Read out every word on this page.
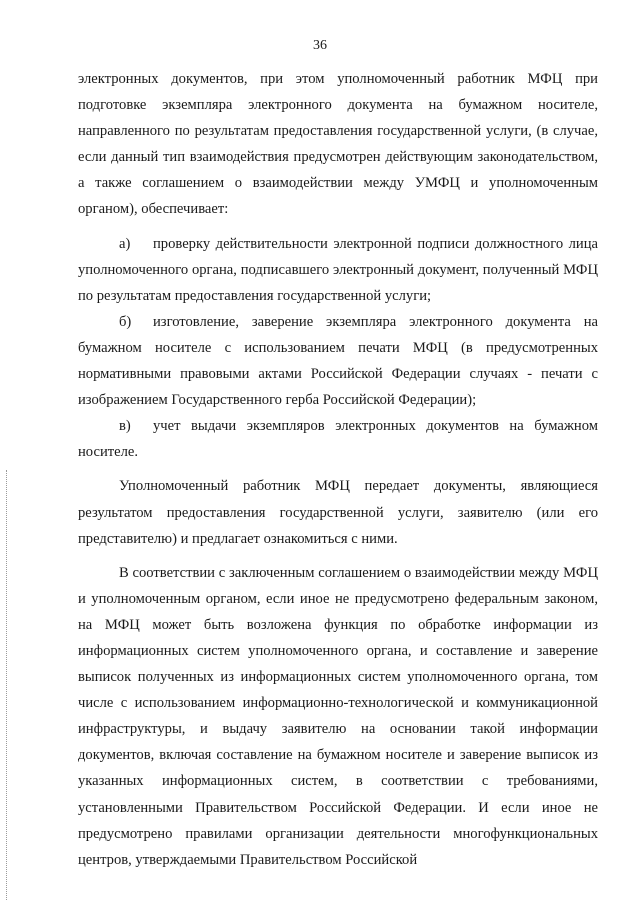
36

электронных документов, при этом уполномоченный работник МФЦ при подготовке экземпляра электронного документа на бумажном носителе, направленного по результатам предоставления государственной услуги, (в случае, если данный тип взаимодействия предусмотрен действующим законодательством, а также соглашением о взаимодействии между УМФЦ и уполномоченным органом), обеспечивает:

а) проверку действительности электронной подписи должностного лица уполномоченного органа, подписавшего электронный документ, полученный МФЦ по результатам предоставления государственной услуги;

б) изготовление, заверение экземпляра электронного документа на бумажном носителе с использованием печати МФЦ (в предусмотренных нормативными правовыми актами Российской Федерации случаях - печати с изображением Государственного герба Российской Федерации);

в) учет выдачи экземпляров электронных документов на бумажном носителе.

Уполномоченный работник МФЦ передает документы, являющиеся результатом предоставления государственной услуги, заявителю (или его представителю) и предлагает ознакомиться с ними.

В соответствии с заключенным соглашением о взаимодействии между МФЦ и уполномоченным органом, если иное не предусмотрено федеральным законом, на МФЦ может быть возложена функция по обработке информации из информационных систем уполномоченного органа, и составление и заверение выписок полученных из информационных систем уполномоченного органа, том числе с использованием информационно-технологической и коммуникационной инфраструктуры, и выдачу заявителю на основании такой информации документов, включая составление на бумажном носителе и заверение выписок из указанных информационных систем, в соответствии с требованиями, установленными Правительством Российской Федерации. И если иное не предусмотрено правилами организации деятельности многофункциональных центров, утверждаемыми Правительством Российской
